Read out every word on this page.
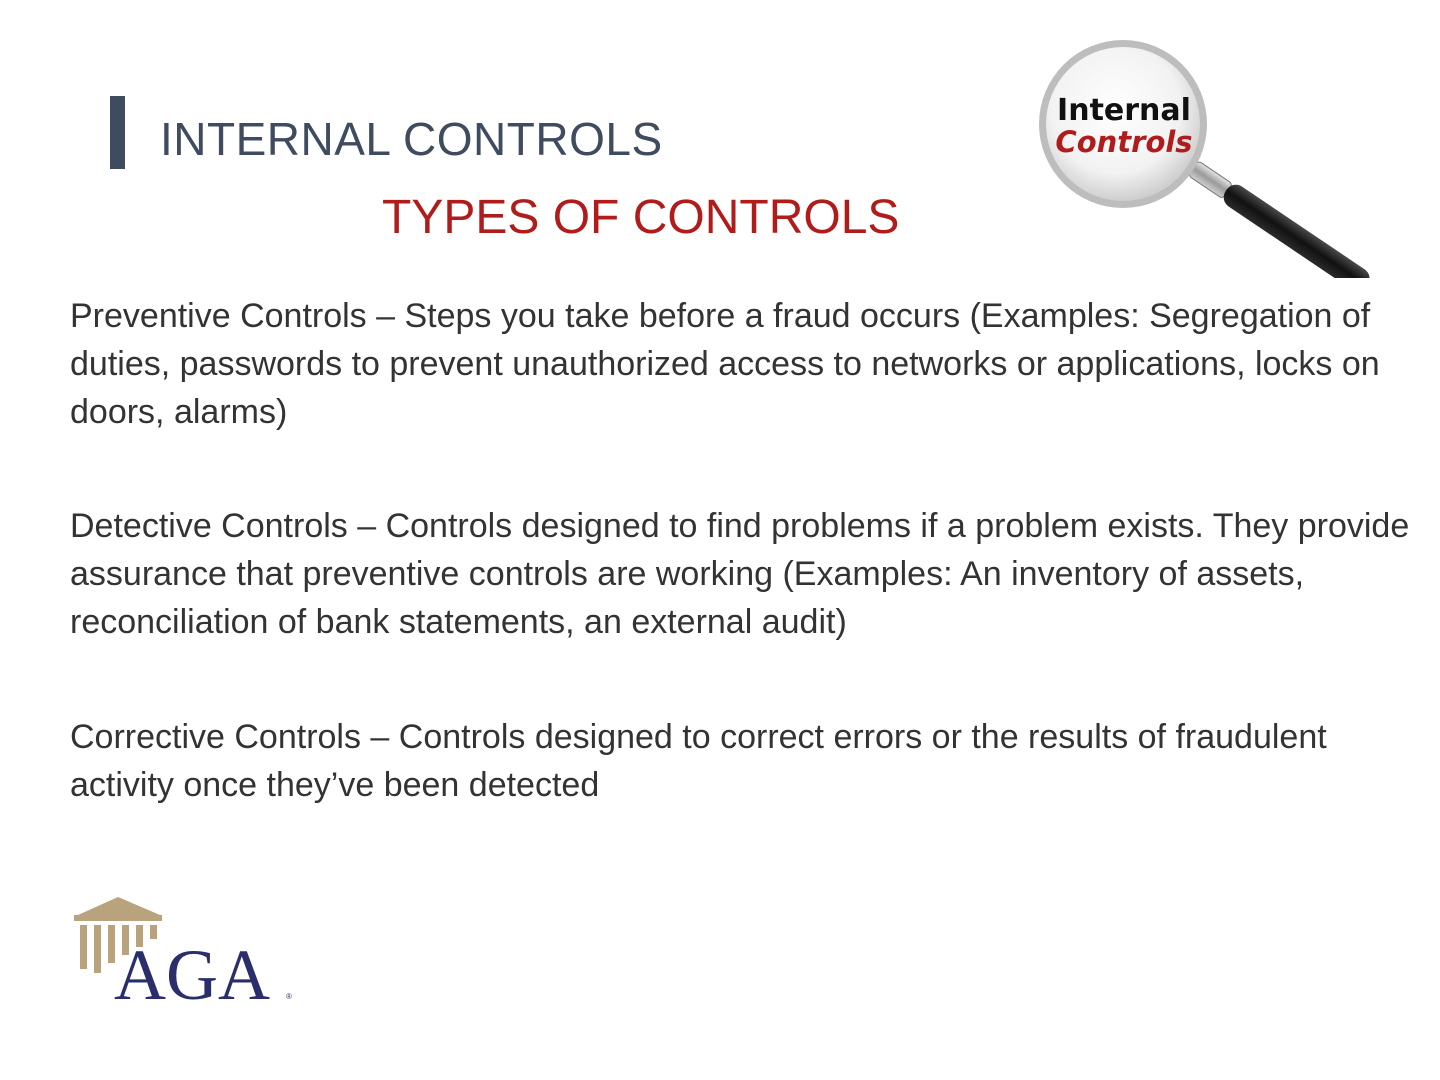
INTERNAL CONTROLS
TYPES OF CONTROLS
Internal
Controls

Preventive Controls – Steps you take before a fraud occurs (Examples: Segregation of duties, passwords to prevent unauthorized access to networks or applications, locks on doors, alarms)

Detective Controls – Controls designed to find problems if a problem exists. They provide assurance that preventive controls are working (Examples: An inventory of assets, reconciliation of bank statements, an external audit)

Corrective Controls – Controls designed to correct errors or the results of fraudulent activity once they’ve been detected

AGA ®
